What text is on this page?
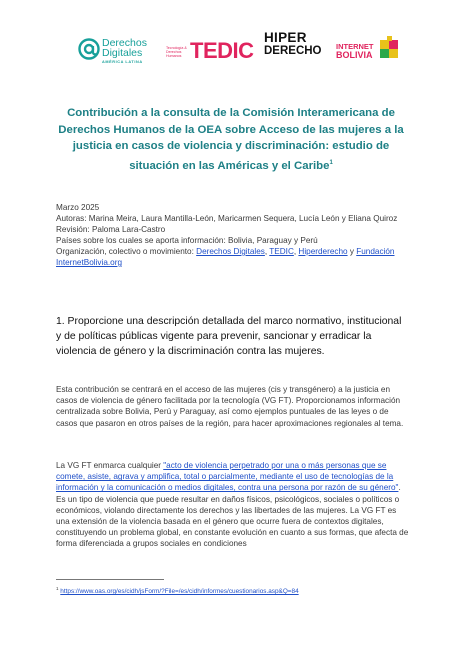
Derechos
Digitales
AMÉRICA LATINA
Tecnología & Derechos Humanos TEDIC
HIPER
DERECHO INTERNET
BOLIVIA
Contribución a la consulta de la Comisión Interamericana de Derechos Humanos de la OEA sobre Acceso de las mujeres a la justicia en casos de violencia y discriminación: estudio de situación en las Américas y el Caribe$^1$
Marzo 2025
Autoras: Marina Meira, Laura Mantilla-León, Maricarmen Sequera, Lucía León y Eliana Quiroz
Revisión: Paloma Lara-Castro
Países sobre los cuales se aporta información: Bolivia, Paraguay y Perú
Organización, colectivo o movimiento: Derechos Digitales, TEDIC, Hiperderecho y Fundación InternetBolivia.org
1. Proporcione una descripción detallada del marco normativo, institucional y de políticas públicas vigente para prevenir, sancionar y erradicar la violencia de género y la discriminación contra las mujeres.
Esta contribución se centrará en el acceso de las mujeres (cis y transgénero) a la justicia en casos de violencia de género facilitada por la tecnología (VG FT). Proporcionamos información centralizada sobre Bolivia, Perú y Paraguay, así como ejemplos puntuales de las leyes o de casos que pasaron en otros países de la región, para hacer aproximaciones regionales al tema.
La VG FT enmarca cualquier "acto de violencia perpetrado por una o más personas que se comete, asiste, agrava y amplifica, total o parcialmente, mediante el uso de tecnologías de la información y la comunicación o medios digitales, contra una persona por razón de su género". Es un tipo de violencia que puede resultar en daños físicos, psicológicos, sociales o políticos o económicos, violando directamente los derechos y las libertades de las mujeres. La VG FT es una extensión de la violencia basada en el género que ocurre fuera de contextos digitales, constituyendo un problema global, en constante evolución en cuanto a sus formas, que afecta de forma diferenciada a grupos sociales en condiciones
$^1$ https://www.oas.org/es/cidh/jsForm/?File=/es/cidh/informes/cuestionarios.asp&Q=84
